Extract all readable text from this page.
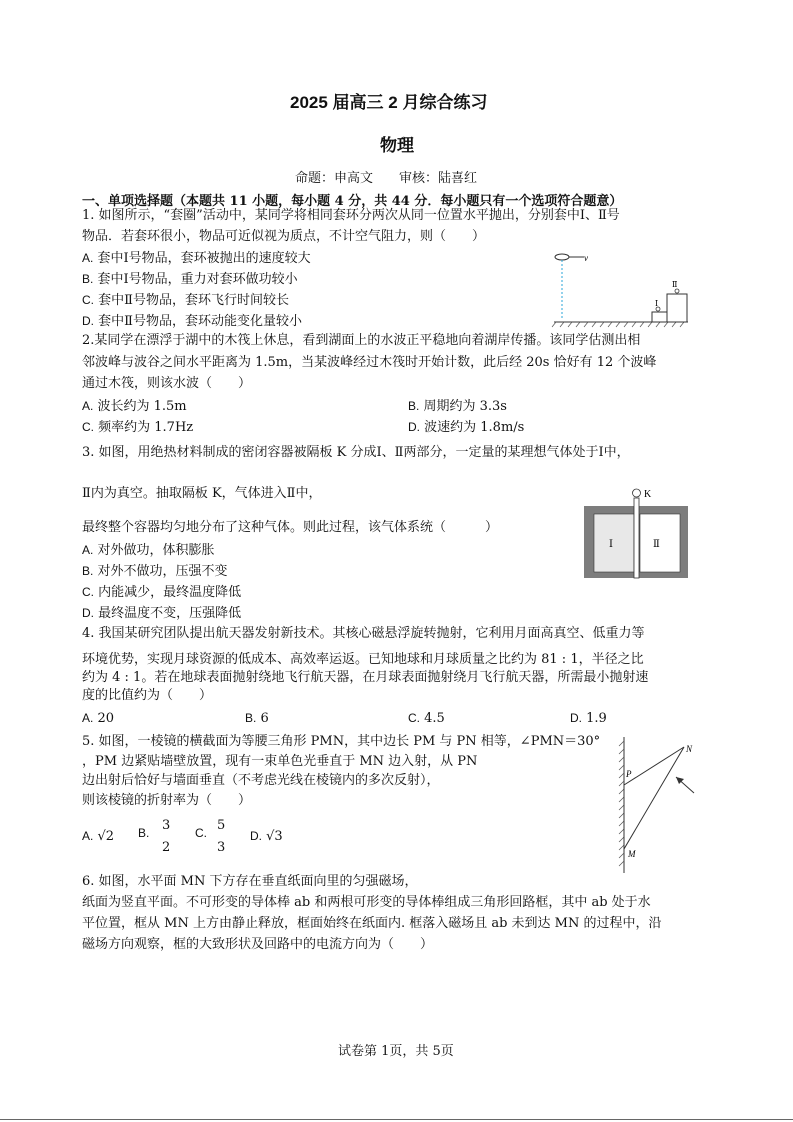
2025 届高三 2 月综合练习
物理
命题：申高文　　审核：陆喜红
一、单项选择题（本题共 11 小题，每小题 4 分，共 44 分．每小题只有一个选项符合题意）
1. 如图所示，“套圈”活动中，某同学将相同套环分两次从同一位置水平抛出，分别套中Ⅰ、Ⅱ号
物品．若套环很小，物品可近似视为质点，不计空气阻力，则（　　）
A. 套中Ⅰ号物品，套环被抛出的速度较大
B. 套中Ⅰ号物品，重力对套环做功较小
C. 套中Ⅱ号物品，套环飞行时间较长
D. 套中Ⅱ号物品，套环动能变化量较小
v
Ⅰ
Ⅱ
2.某同学在漂浮于湖中的木筏上休息，看到湖面上的水波正平稳地向着湖岸传播。该同学估测出相
邻波峰与波谷之间水平距离为 1.5m，当某波峰经过木筏时开始计数，此后经 20s 恰好有 12 个波峰
通过木筏，则该水波（　　）
A. 波长约为 1.5m	B. 周期约为 3.3s
C. 频率约为 1.7Hz	D. 波速约为 1.8m/s
3. 如图，用绝热材料制成的密闭容器被隔板 K 分成Ⅰ、Ⅱ两部分，一定量的某理想气体处于Ⅰ中，
Ⅱ内为真空。抽取隔板 K，气体进入Ⅱ中，
最终整个容器均匀地分布了这种气体。则此过程，该气体系统（　　　）
A. 对外做功，体积膨胀
B. 对外不做功，压强不变
C. 内能减少，最终温度降低
D. 最终温度不变，压强降低
K
Ⅰ	Ⅱ
4. 我国某研究团队提出航天器发射新技术。其核心磁悬浮旋转抛射，它利用月面高真空、低重力等
环境优势，实现月球资源的低成本、高效率运返。已知地球和月球质量之比约为 81 : 1，半径之比
约为 4 : 1。若在地球表面抛射绕地飞行航天器，在月球表面抛射绕月飞行航天器，所需最小抛射速
度的比值约为（　　）
A. 20	B. 6	C. 4.5	D. 1.9
5. 如图，一棱镜的横截面为等腰三角形 PMN，其中边长 PM 与 PN 相等，∠PMN＝30°
，PM 边紧贴墙壁放置，现有一束单色光垂直于 MN 边入射，从 PN
边出射后恰好与墙面垂直（不考虑光线在棱镜内的多次反射），
则该棱镜的折射率为（　　）
A. √2 B. 3
2
C. 5
3
D. √3
N
P
M
6. 如图，水平面 MN 下方存在垂直纸面向里的匀强磁场，
纸面为竖直平面。不可形变的导体棒 ab 和两根可形变的导体棒组成三角形回路框，其中 ab 处于水
平位置，框从 MN 上方由静止释放，框面始终在纸面内. 框落入磁场且 ab 未到达 MN 的过程中，沿
磁场方向观察，框的大致形状及回路中的电流方向为（　　）
试卷第 1页，共 5页
